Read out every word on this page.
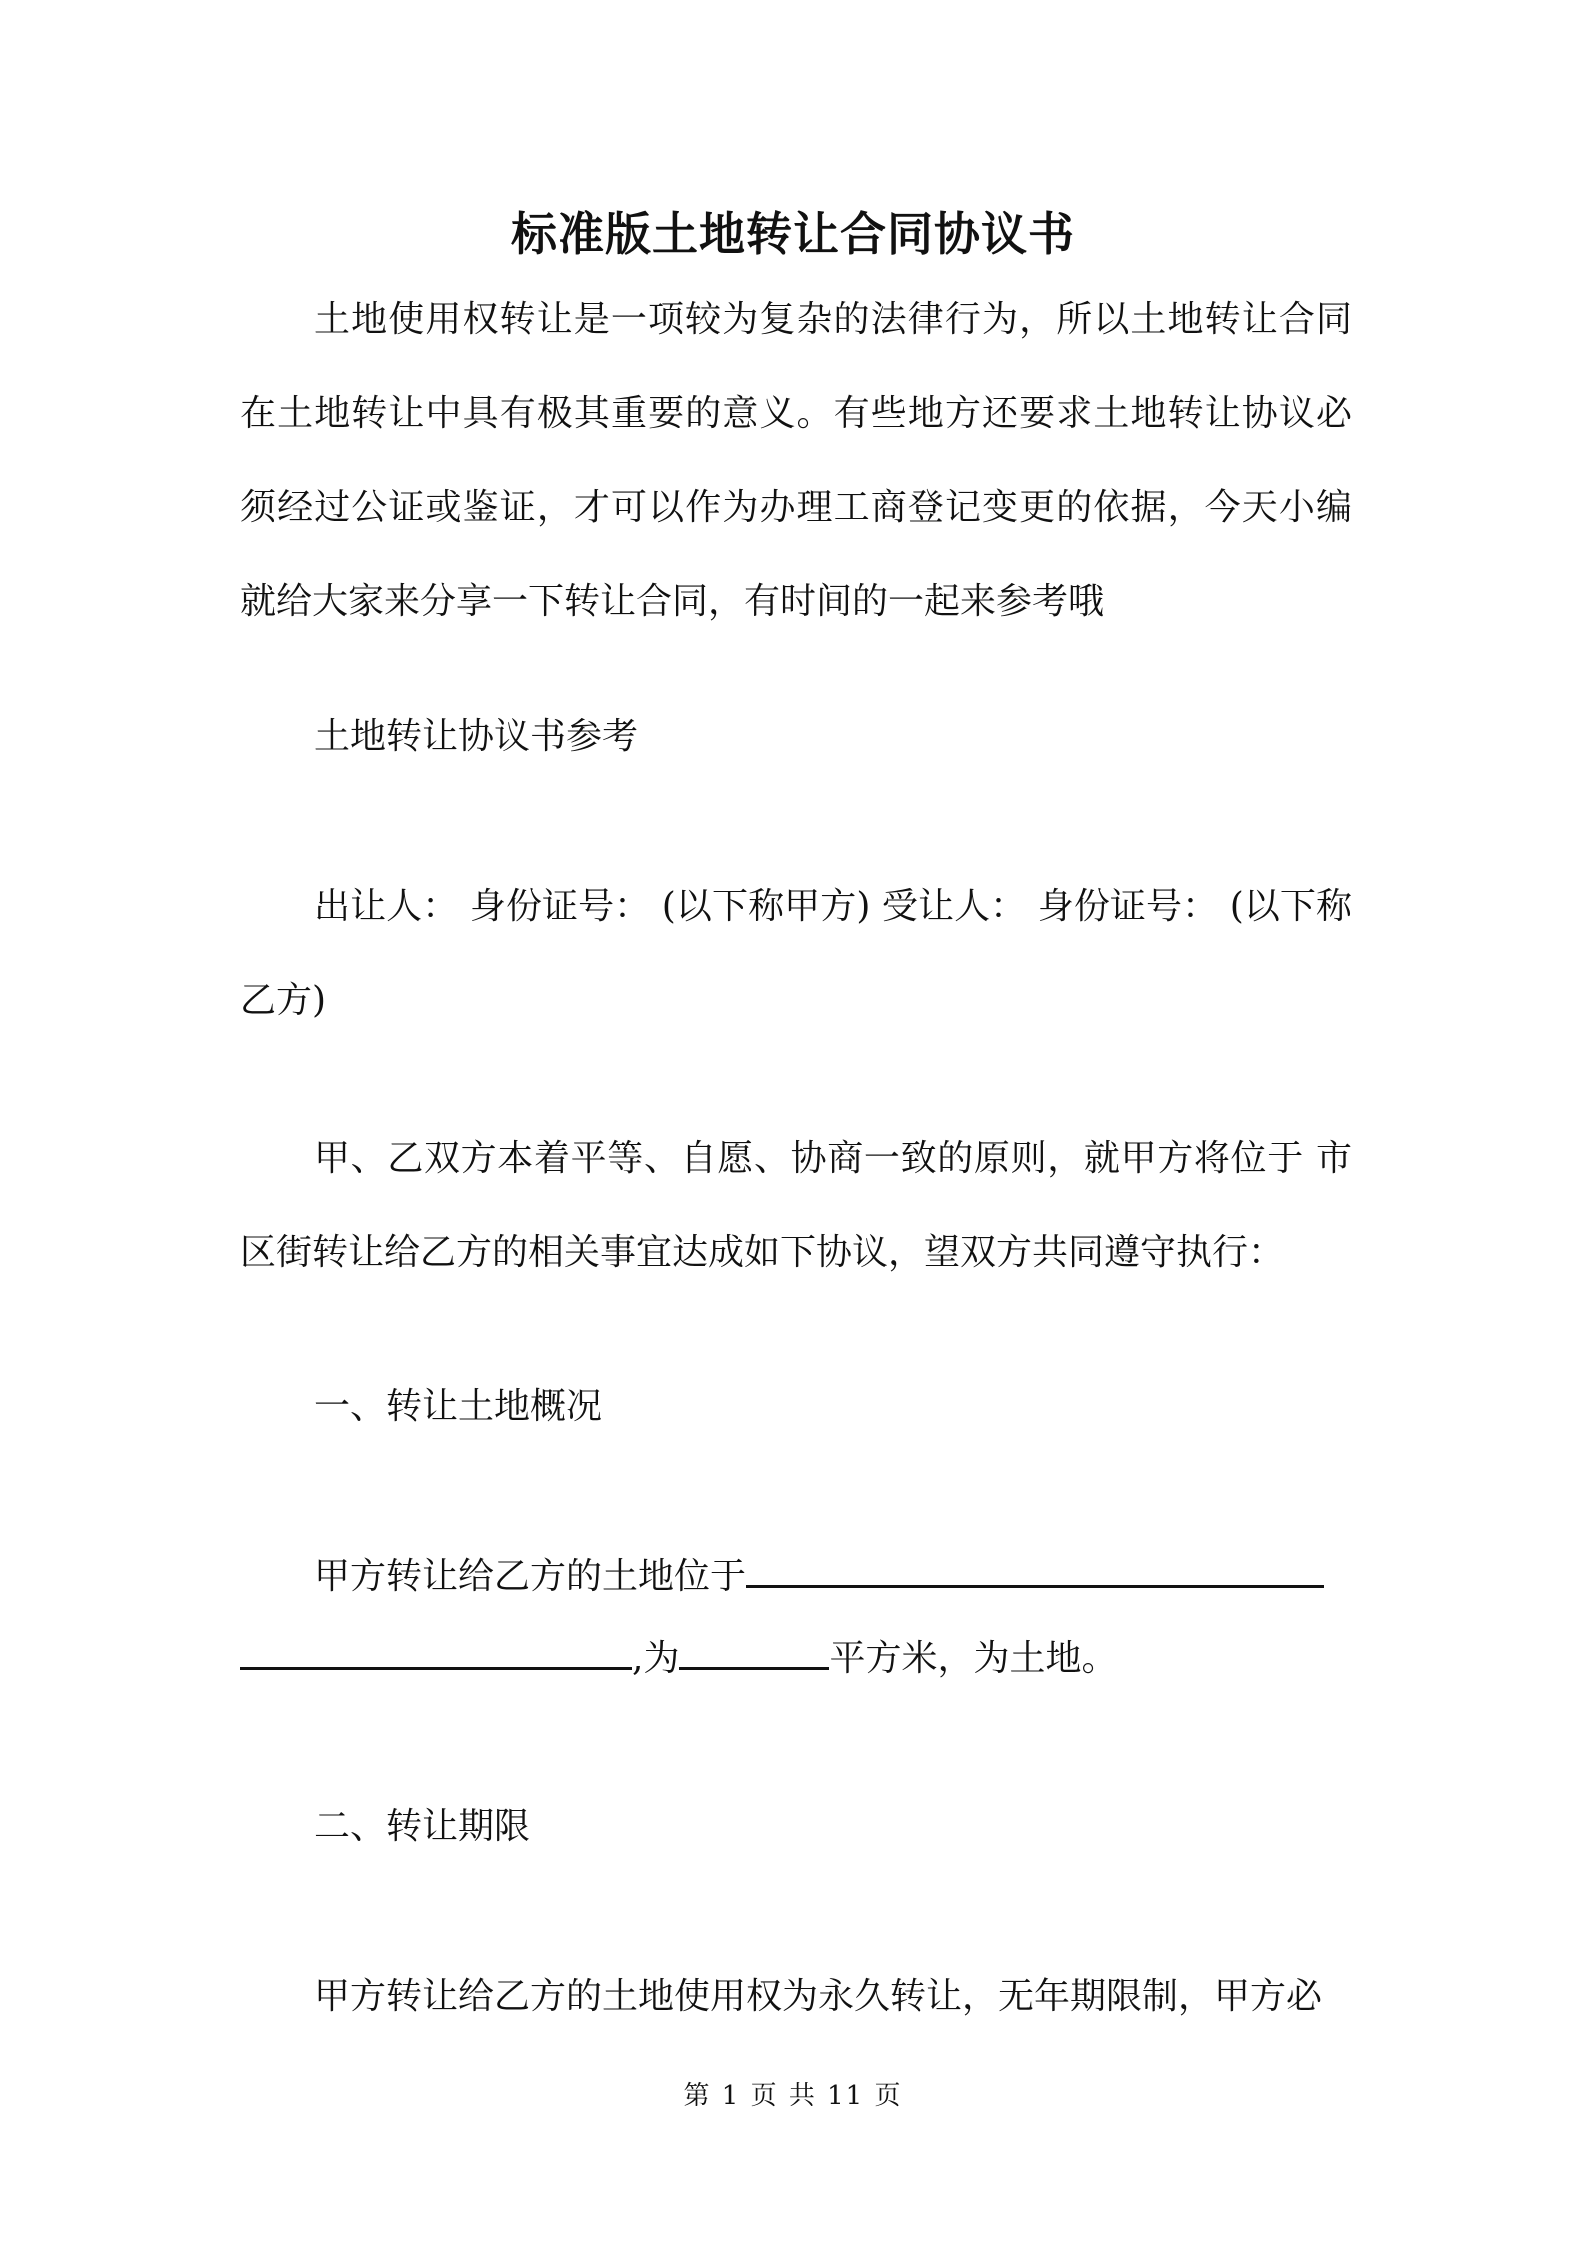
标准版土地转让合同协议书

土地使用权转让是一项较为复杂的法律行为，所以土地转让合同在土地转让中具有极其重要的意义。有些地方还要求土地转让协议必须经过公证或鉴证，才可以作为办理工商登记变更的依据，今天小编就给大家来分享一下转让合同，有时间的一起来参考哦

土地转让协议书参考

出让人： 身份证号： (以下称甲方) 受让人： 身份证号： (以下称乙方)

甲、乙双方本着平等、自愿、协商一致的原则，就甲方将位于 市区街转让给乙方的相关事宜达成如下协议，望双方共同遵守执行：

一、转让土地概况

甲方转让给乙方的土地位于
,为	平方米，为土地。

二、转让期限

甲方转让给乙方的土地使用权为永久转让，无年期限制，甲方必

第 1 页 共 11 页
